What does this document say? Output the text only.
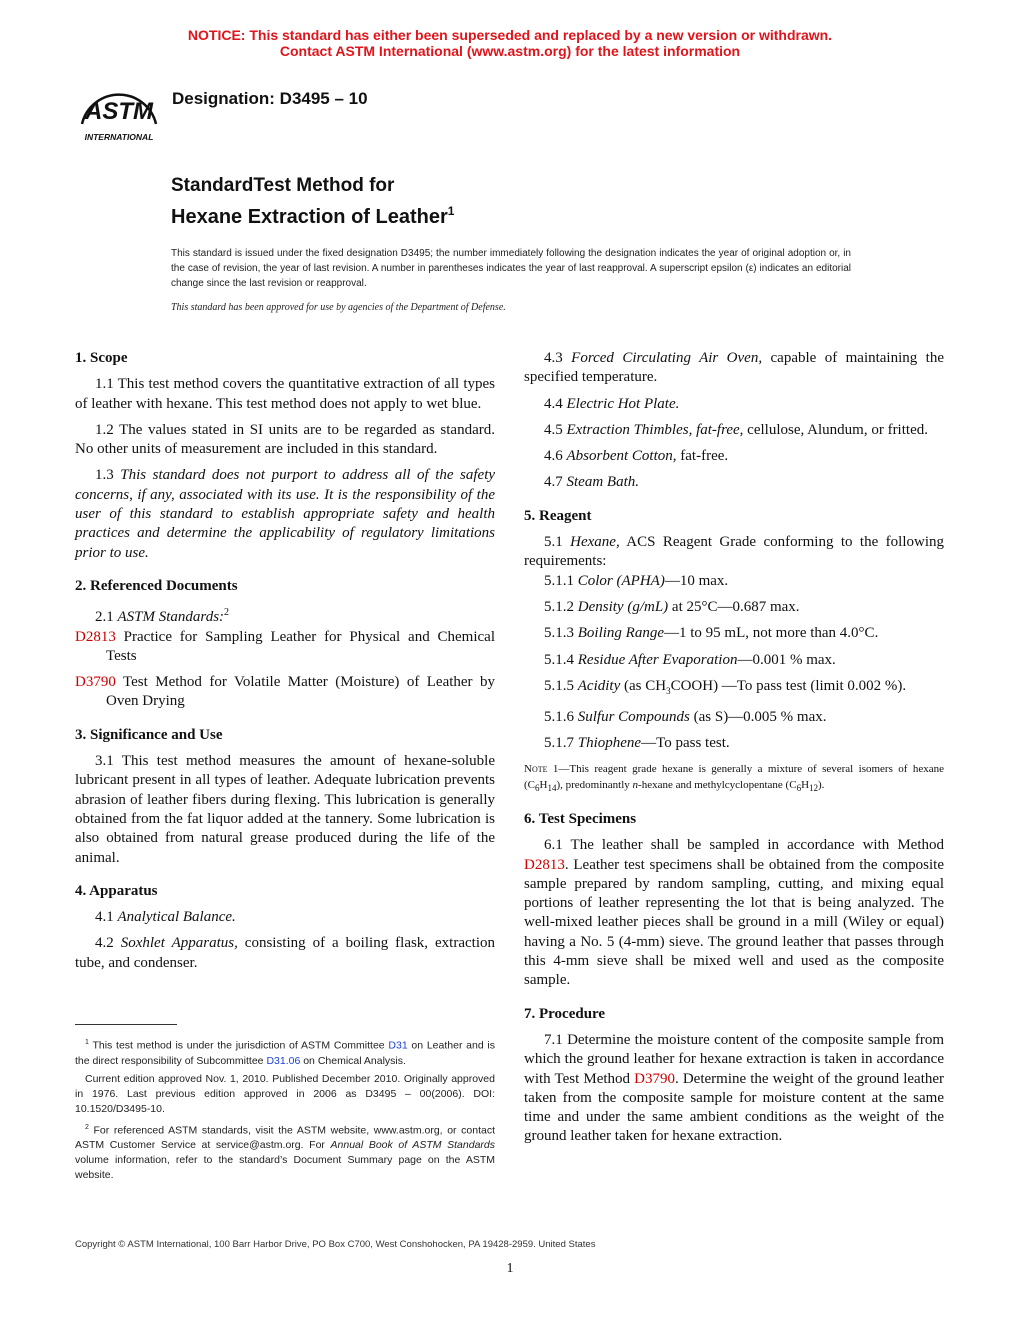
NOTICE: This standard has either been superseded and replaced by a new version or withdrawn.
Contact ASTM International (www.astm.org) for the latest information
ASTM
INTERNATIONAL
Designation: D3495 – 10
StandardTest Method for
Hexane Extraction of Leather$^1$
This standard is issued under the fixed designation D3495; the number immediately following the designation indicates the year of original adoption or, in the case of revision, the year of last revision. A number in parentheses indicates the year of last reapproval. A superscript epsilon (ε) indicates an editorial change since the last revision or reapproval.
This standard has been approved for use by agencies of the Department of Defense.
1. Scope

1.1 This test method covers the quantitative extraction of all types of leather with hexane. This test method does not apply to wet blue.

1.2 The values stated in SI units are to be regarded as standard. No other units of measurement are included in this standard.

1.3 This standard does not purport to address all of the safety concerns, if any, associated with its use. It is the responsibility of the user of this standard to establish appropriate safety and health practices and determine the applicability of regulatory limitations prior to use.

2. Referenced Documents

2.1 ASTM Standards:$^2$

D2813 Practice for Sampling Leather for Physical and Chemical Tests

D3790 Test Method for Volatile Matter (Moisture) of Leather by Oven Drying

3. Significance and Use

3.1 This test method measures the amount of hexane-soluble lubricant present in all types of leather. Adequate lubrication prevents abrasion of leather fibers during flexing. This lubrication is generally obtained from the fat liquor added at the tannery. Some lubrication is also obtained from natural grease produced during the life of the animal.

4. Apparatus

4.1 Analytical Balance.

4.2 Soxhlet Apparatus, consisting of a boiling flask, extraction tube, and condenser.

4.3 Forced Circulating Air Oven, capable of maintaining the specified temperature.

4.4 Electric Hot Plate.

4.5 Extraction Thimbles, fat-free, cellulose, Alundum, or fritted.

4.6 Absorbent Cotton, fat-free.

4.7 Steam Bath.

5. Reagent

5.1 Hexane, ACS Reagent Grade conforming to the following requirements:

5.1.1 Color (APHA)—10 max.

5.1.2 Density (g/mL) at 25°C—0.687 max.

5.1.3 Boiling Range—1 to 95 mL, not more than 4.0°C.

5.1.4 Residue After Evaporation—0.001 % max.

5.1.5 Acidity (as $CH_3COOH$) —To pass test (limit 0.002 %).

5.1.6 Sulfur Compounds (as S)—0.005 % max.

5.1.7 Thiophene—To pass test.

Note 1—This reagent grade hexane is generally a mixture of several isomers of hexane $(C_6H_{14})$, predominantly n-hexane and methylcyclopentane $(C_6H_{12})$.

6. Test Specimens

6.1 The leather shall be sampled in accordance with Method D2813. Leather test specimens shall be obtained from the composite sample prepared by random sampling, cutting, and mixing equal portions of leather representing the lot that is being analyzed. The well-mixed leather pieces shall be ground in a mill (Wiley or equal) having a No. 5 (4-mm) sieve. The ground leather that passes through this 4-mm sieve shall be mixed well and used as the composite sample.

7. Procedure

7.1 Determine the moisture content of the composite sample from which the ground leather for hexane extraction is taken in accordance with Test Method D3790. Determine the weight of the ground leather taken from the composite sample for moisture content at the same time and under the same ambient conditions as the weight of the ground leather taken for hexane extraction.

$^1$ This test method is under the jurisdiction of ASTM Committee D31 on Leather and is the direct responsibility of Subcommittee D31.06 on Chemical Analysis.

Current edition approved Nov. 1, 2010. Published December 2010. Originally approved in 1976. Last previous edition approved in 2006 as D3495 – 00(2006). DOI: 10.1520/D3495-10.

$^2$ For referenced ASTM standards, visit the ASTM website, www.astm.org, or contact ASTM Customer Service at service@astm.org. For Annual Book of ASTM Standards volume information, refer to the standard’s Document Summary page on the ASTM website.

Copyright © ASTM International, 100 Barr Harbor Drive, PO Box C700, West Conshohocken, PA 19428-2959. United States
1
